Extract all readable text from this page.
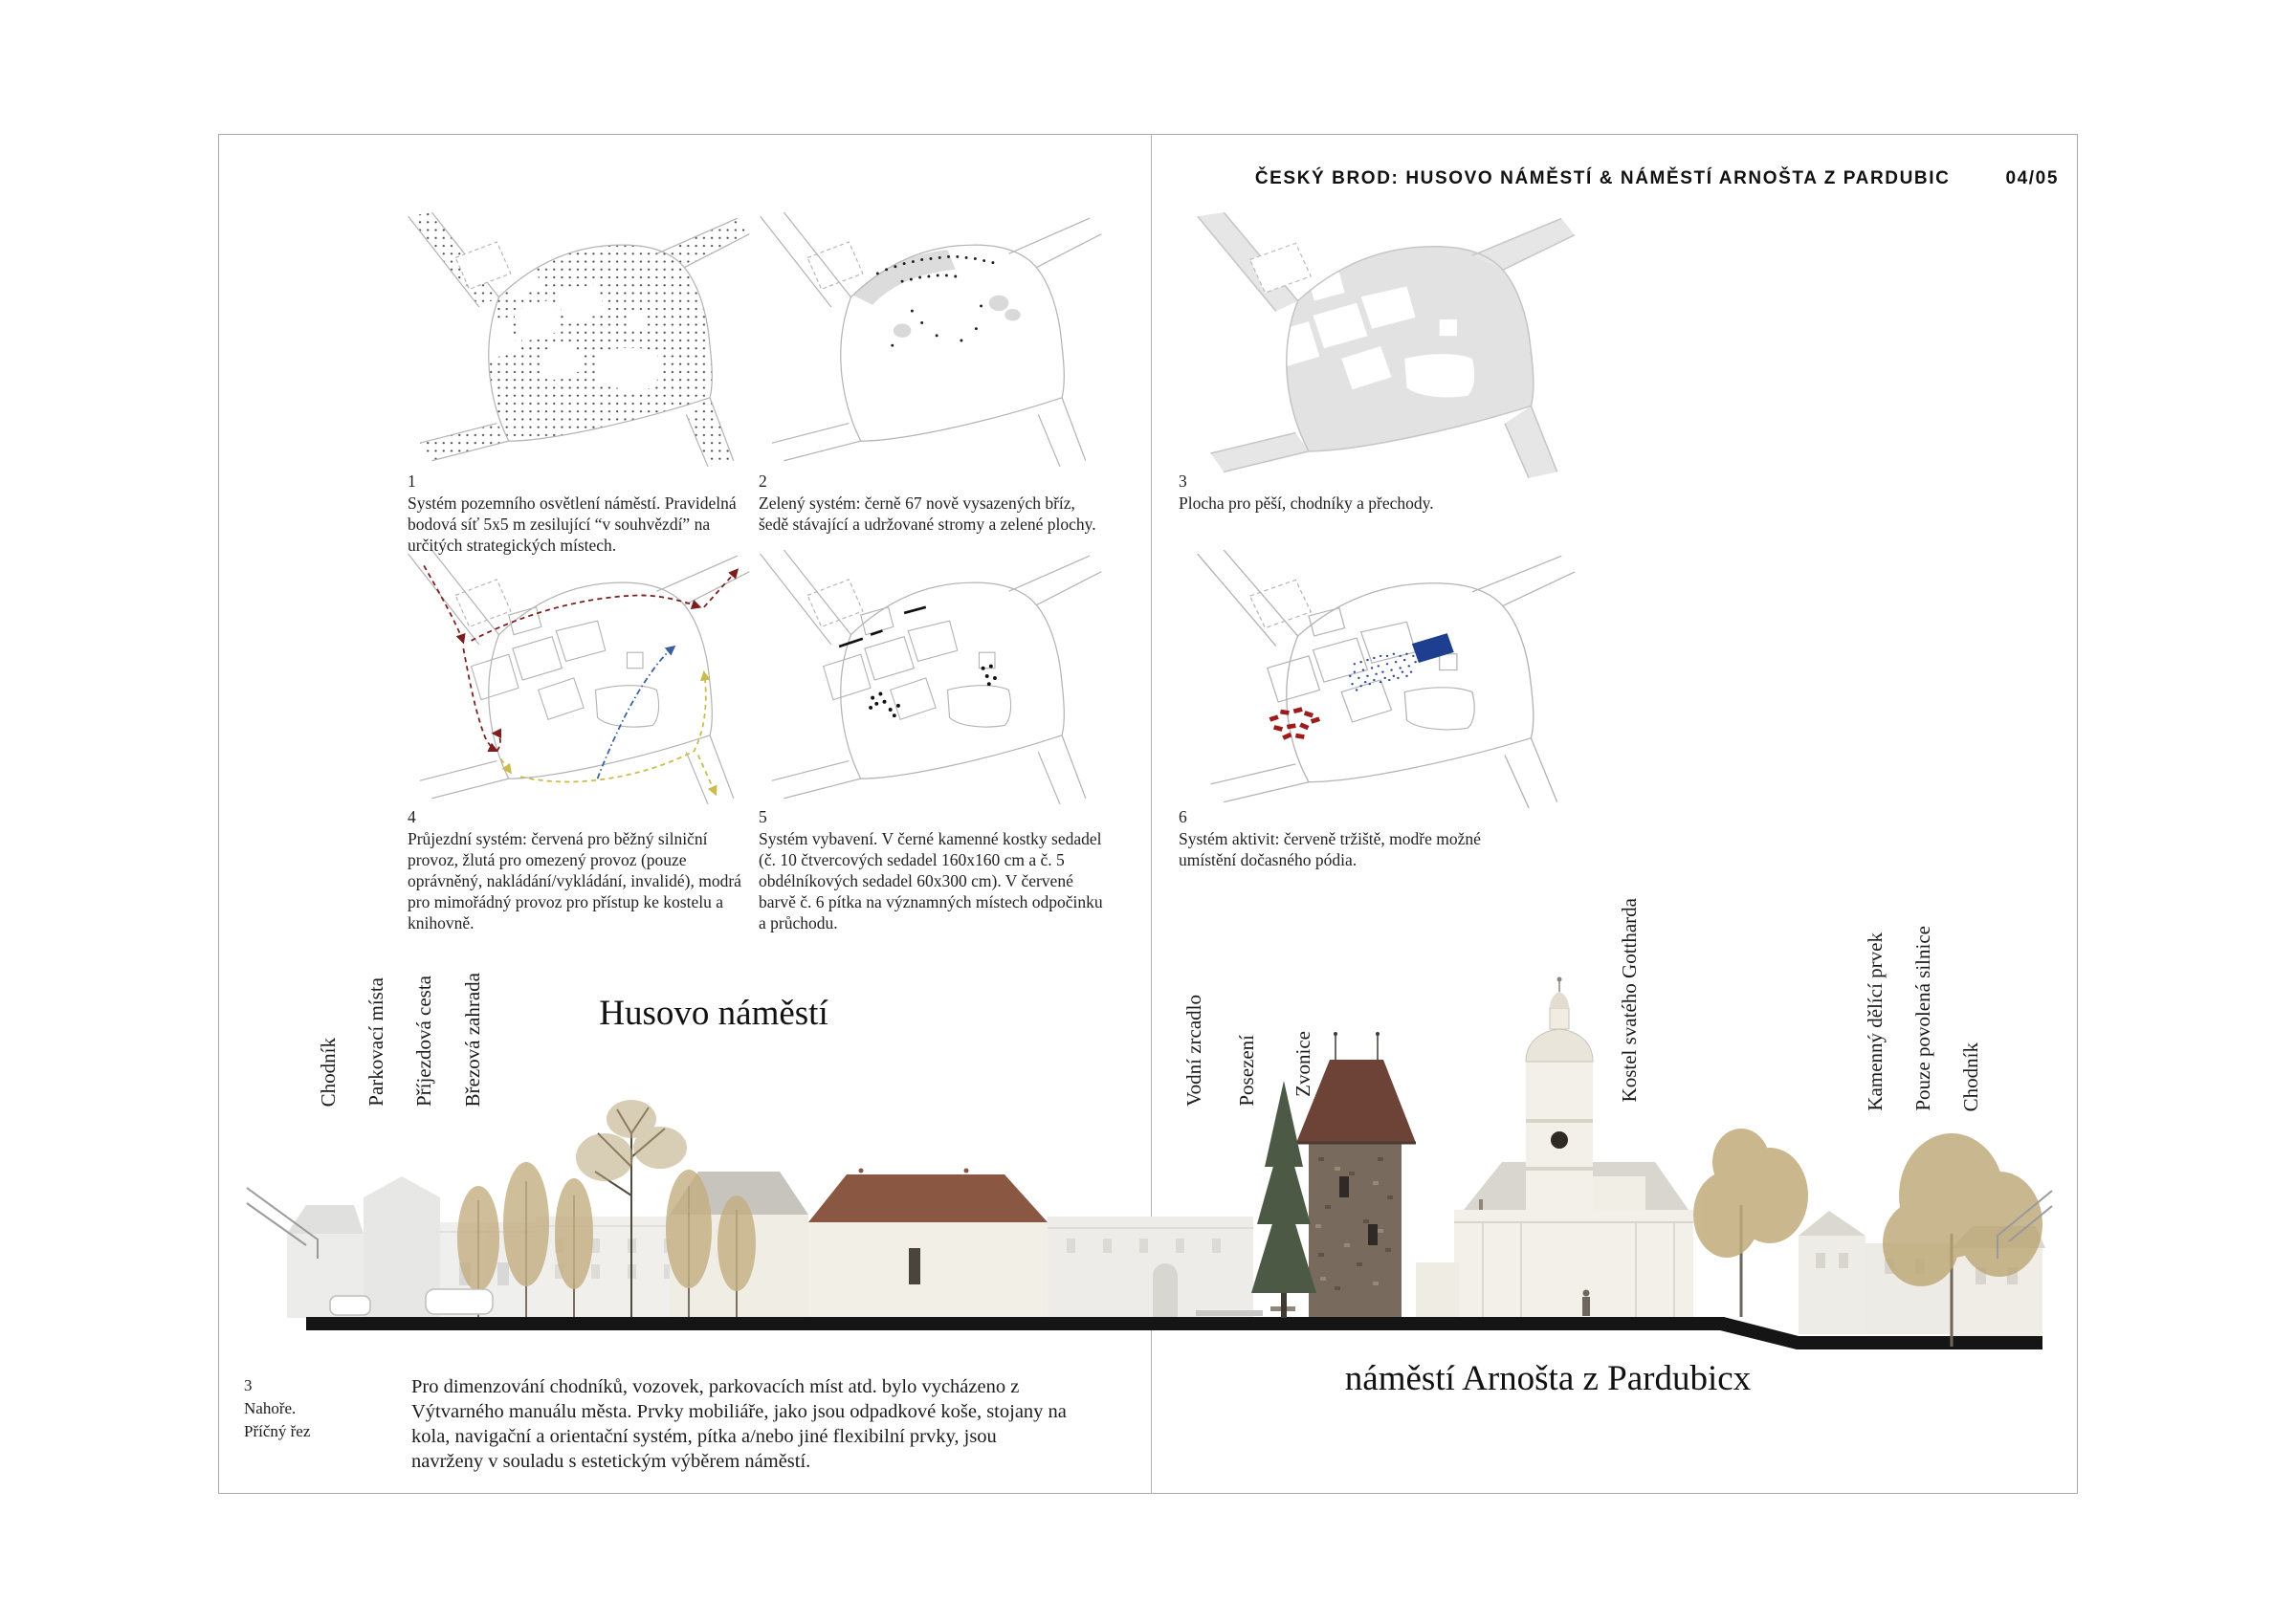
ČESKÝ BROD: HUSOVO NÁMĚSTÍ & NÁMĚSTÍ ARNOŠTA Z PARDUBIC	04/05
1
Systém pozemního osvětlení náměstí. Pravidelná bodová síť 5x5 m zesilující “v souhvězdí” na určitých strategických místech.
2
Zelený systém: černě 67 nově vysazených bříz, šedě stávající a udržované stromy a zelené plochy.
3
Plocha pro pěší, chodníky a přechody.
4
Průjezdní systém: červená pro běžný silniční provoz, žlutá pro omezený provoz (pouze oprávněný, nakládání/vykládání, invalidé), modrá pro mimořádný provoz pro přístup ke kostelu a knihovně.
5
Systém vybavení. V černé kamenné kostky sedadel (č. 10 čtvercových sedadel 160x160 cm a č. 5 obdélníkových sedadel 60x300 cm). V červené barvě č. 6 pítka na významných místech odpočinku a průchodu.
6
Systém aktivit: červeně tržiště, modře možné umístění dočasného pódia.
Husovo náměstí
náměstí Arnošta z Pardubicx
Chodník Parkovací místa Příjezdová cesta Březová zahrada	Vodní zrcadlo Posezení Zvonice	Kostel svatého Gottharda	Kamenný dělící prvek Pouze povolená silnice Chodník
3
Nahoře.
Příčný řez
Pro dimenzování chodníků, vozovek, parkovacích míst atd. bylo vycházeno z Výtvarného manuálu města. Prvky mobiliáře, jako jsou odpadkové koše, stojany na kola, navigační a orientační systém, pítka a/nebo jiné flexibilní prvky, jsou navrženy v souladu s estetickým výběrem náměstí.
